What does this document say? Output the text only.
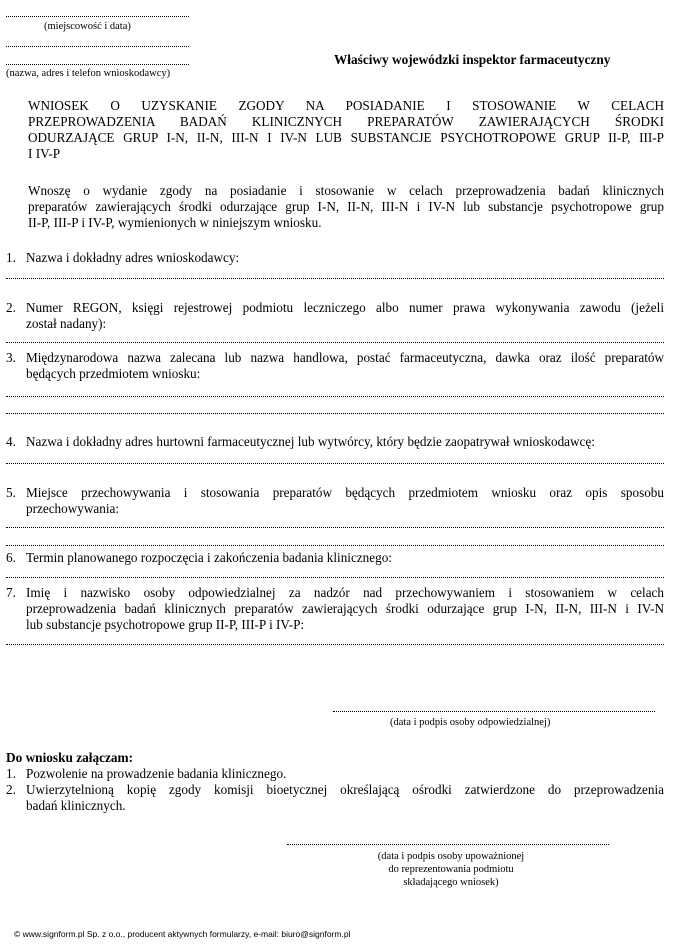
(miejscowość i data)
(nazwa, adres i telefon wnioskodawcy)
Właściwy wojewódzki inspektor farmaceutyczny
WNIOSEK O UZYSKANIE ZGODY NA POSIADANIE I STOSOWANIE W CELACH
PRZEPROWADZENIA BADAŃ KLINICZNYCH PREPARATÓW ZAWIERAJĄCYCH ŚRODKI
ODURZAJĄCE GRUP I-N, II-N, III-N I IV-N LUB SUBSTANCJE PSYCHOTROPOWE GRUP II-P, III-P
I IV-P
Wnoszę o wydanie zgody na posiadanie i stosowanie w celach przeprowadzenia badań klinicznych
preparatów zawierających środki odurzające grup I-N, II-N, III-N i IV-N lub substancje psychotropowe grup
II-P, III-P i IV-P, wymienionych w niniejszym wniosku.
1. Nazwa i dokładny adres wnioskodawcy:
2. Numer REGON, księgi rejestrowej podmiotu leczniczego albo numer prawa wykonywania zawodu (jeżeli
został nadany):
3. Międzynarodowa nazwa zalecana lub nazwa handlowa, postać farmaceutyczna, dawka oraz ilość preparatów
będących przedmiotem wniosku:
4. Nazwa i dokładny adres hurtowni farmaceutycznej lub wytwórcy, który będzie zaopatrywał wnioskodawcę:
5. Miejsce przechowywania i stosowania preparatów będących przedmiotem wniosku oraz opis sposobu
przechowywania:
6. Termin planowanego rozpoczęcia i zakończenia badania klinicznego:
7. Imię i nazwisko osoby odpowiedzialnej za nadzór nad przechowywaniem i stosowaniem w celach
przeprowadzenia badań klinicznych preparatów zawierających środki odurzające grup I-N, II-N, III-N i IV-N
lub substancje psychotropowe grup II-P, III-P i IV-P:
(data i podpis osoby odpowiedzialnej)
Do wniosku załączam:
1. Pozwolenie na prowadzenie badania klinicznego.
2. Uwierzytelnioną kopię zgody komisji bioetycznej określającą ośrodki zatwierdzone do przeprowadzenia
badań klinicznych.
(data i podpis osoby upoważnionej
do reprezentowania podmiotu
składającego wniosek)
© www.signform.pl Sp. z o.o., producent aktywnych formularzy, e-mail: biuro@signform.pl
